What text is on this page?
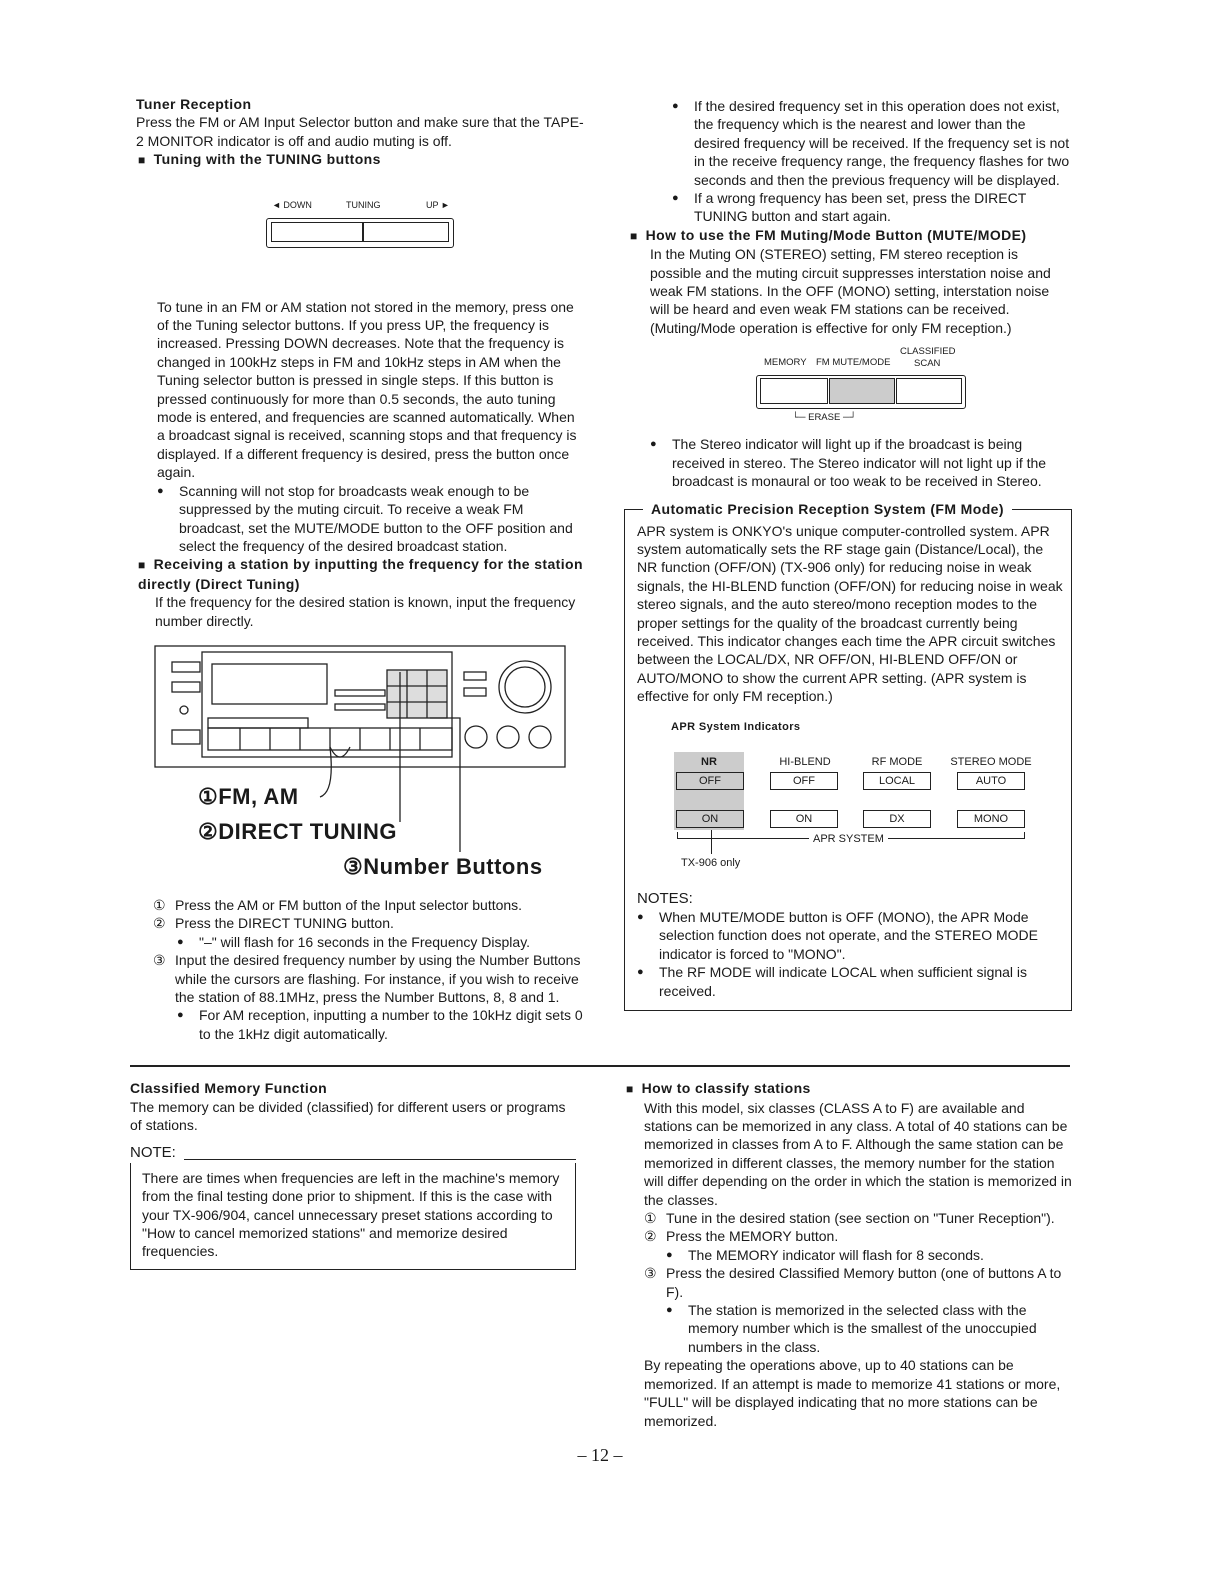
Tuner Reception

Press the FM or AM Input Selector button and make sure that the TAPE-2 MONITOR indicator is off and audio muting is off.

■ Tuning with the TUNING buttons
◄ DOWN	TUNING	UP ►

To tune in an FM or AM station not stored in the memory, press one of the Tuning selector buttons. If you press UP, the frequency is increased. Pressing DOWN decreases. Note that the frequency is changed in 100kHz steps in FM and 10kHz steps in AM when the Tuning selector button is pressed in single steps. If this button is pressed continuously for more than 0.5 seconds, the auto tuning mode is entered, and frequencies are scanned automatically. When a broadcast signal is received, scanning stops and that frequency is displayed. If a different frequency is desired, press the button once again.

● Scanning will not stop for broadcasts weak enough to be suppressed by the muting circuit. To receive a weak FM broadcast, set the MUTE/MODE button to the OFF position and select the frequency of the desired broadcast station.

■ Receiving a station by inputting the frequency for the station directly (Direct Tuning)

If the frequency for the desired station is known, input the frequency number directly.

①FM, AM
②DIRECT TUNING
③Number Buttons

① Press the AM or FM button of the Input selector buttons.

② Press the DIRECT TUNING button.

● "–" will flash for 16 seconds in the Frequency Display.

③ Input the desired frequency number by using the Number Buttons while the cursors are flashing. For instance, if you wish to receive the station of 88.1MHz, press the Number Buttons, 8, 8 and 1.

● For AM reception, inputting a number to the 10kHz digit sets 0 to the 1kHz digit automatically.

● If the desired frequency set in this operation does not exist, the frequency which is the nearest and lower than the desired frequency will be received. If the frequency set is not in the receive frequency range, the frequency flashes for two seconds and then the previous frequency will be displayed.

● If a wrong frequency has been set, press the DIRECT TUNING button and start again.

■ How to use the FM Muting/Mode Button (MUTE/MODE)

In the Muting ON (STEREO) setting, FM stereo reception is possible and the muting circuit suppresses interstation noise and weak FM stations. In the OFF (MONO) setting, interstation noise will be heard and even weak FM stations can be received. (Muting/Mode operation is effective for only FM reception.)

MEMORY FM MUTE/MODE
CLASSIFIED
SCAN
└─ ERASE ─┘

● The Stereo indicator will light up if the broadcast is being received in stereo. The Stereo indicator will not light up if the broadcast is monaural or too weak to be received in Stereo.

Automatic Precision Reception System (FM Mode)

APR system is ONKYO's unique computer-controlled system. APR system automatically sets the RF stage gain (Distance/Local), the NR function (OFF/ON) (TX-906 only) for reducing noise in weak signals, the HI-BLEND function (OFF/ON) for reducing noise in weak stereo signals, and the auto stereo/mono reception modes to the proper settings for the quality of the broadcast currently being received. This indicator changes each time the APR circuit switches between the LOCAL/DX, NR OFF/ON, HI-BLEND OFF/ON or AUTO/MONO to show the current APR setting. (APR system is effective for only FM reception.)

APR System Indicators
NR
OFF
ON
HI-BLEND
OFF
ON
RF MODE
LOCAL
DX
STEREO MODE
AUTO
MONO
APR SYSTEM
TX-906 only
NOTES:

● When MUTE/MODE button is OFF (MONO), the APR Mode selection function does not operate, and the STEREO MODE indicator is forced to "MONO".

● The RF MODE will indicate LOCAL when sufficient signal is received.

Classified Memory Function

The memory can be divided (classified) for different users or programs of stations.

NOTE:

There are times when frequencies are left in the machine's memory from the final testing done prior to shipment. If this is the case with your TX-906/904, cancel unnecessary preset stations according to "How to cancel memorized stations" and memorize desired frequencies.

■ How to classify stations

With this model, six classes (CLASS A to F) are available and stations can be memorized in any class. A total of 40 stations can be memorized in classes from A to F. Although the same station can be memorized in different classes, the memory number for the station will differ depending on the order in which the station is memorized in the classes.

① Tune in the desired station (see section on "Tuner Reception").

② Press the MEMORY button.

● The MEMORY indicator will flash for 8 seconds.

③ Press the desired Classified Memory button (one of buttons A to F).

● The station is memorized in the selected class with the memory number which is the smallest of the unoccupied numbers in the class.

By repeating the operations above, up to 40 stations can be memorized. If an attempt is made to memorize 41 stations or more, "FULL" will be displayed indicating that no more stations can be memorized.

– 12 –
